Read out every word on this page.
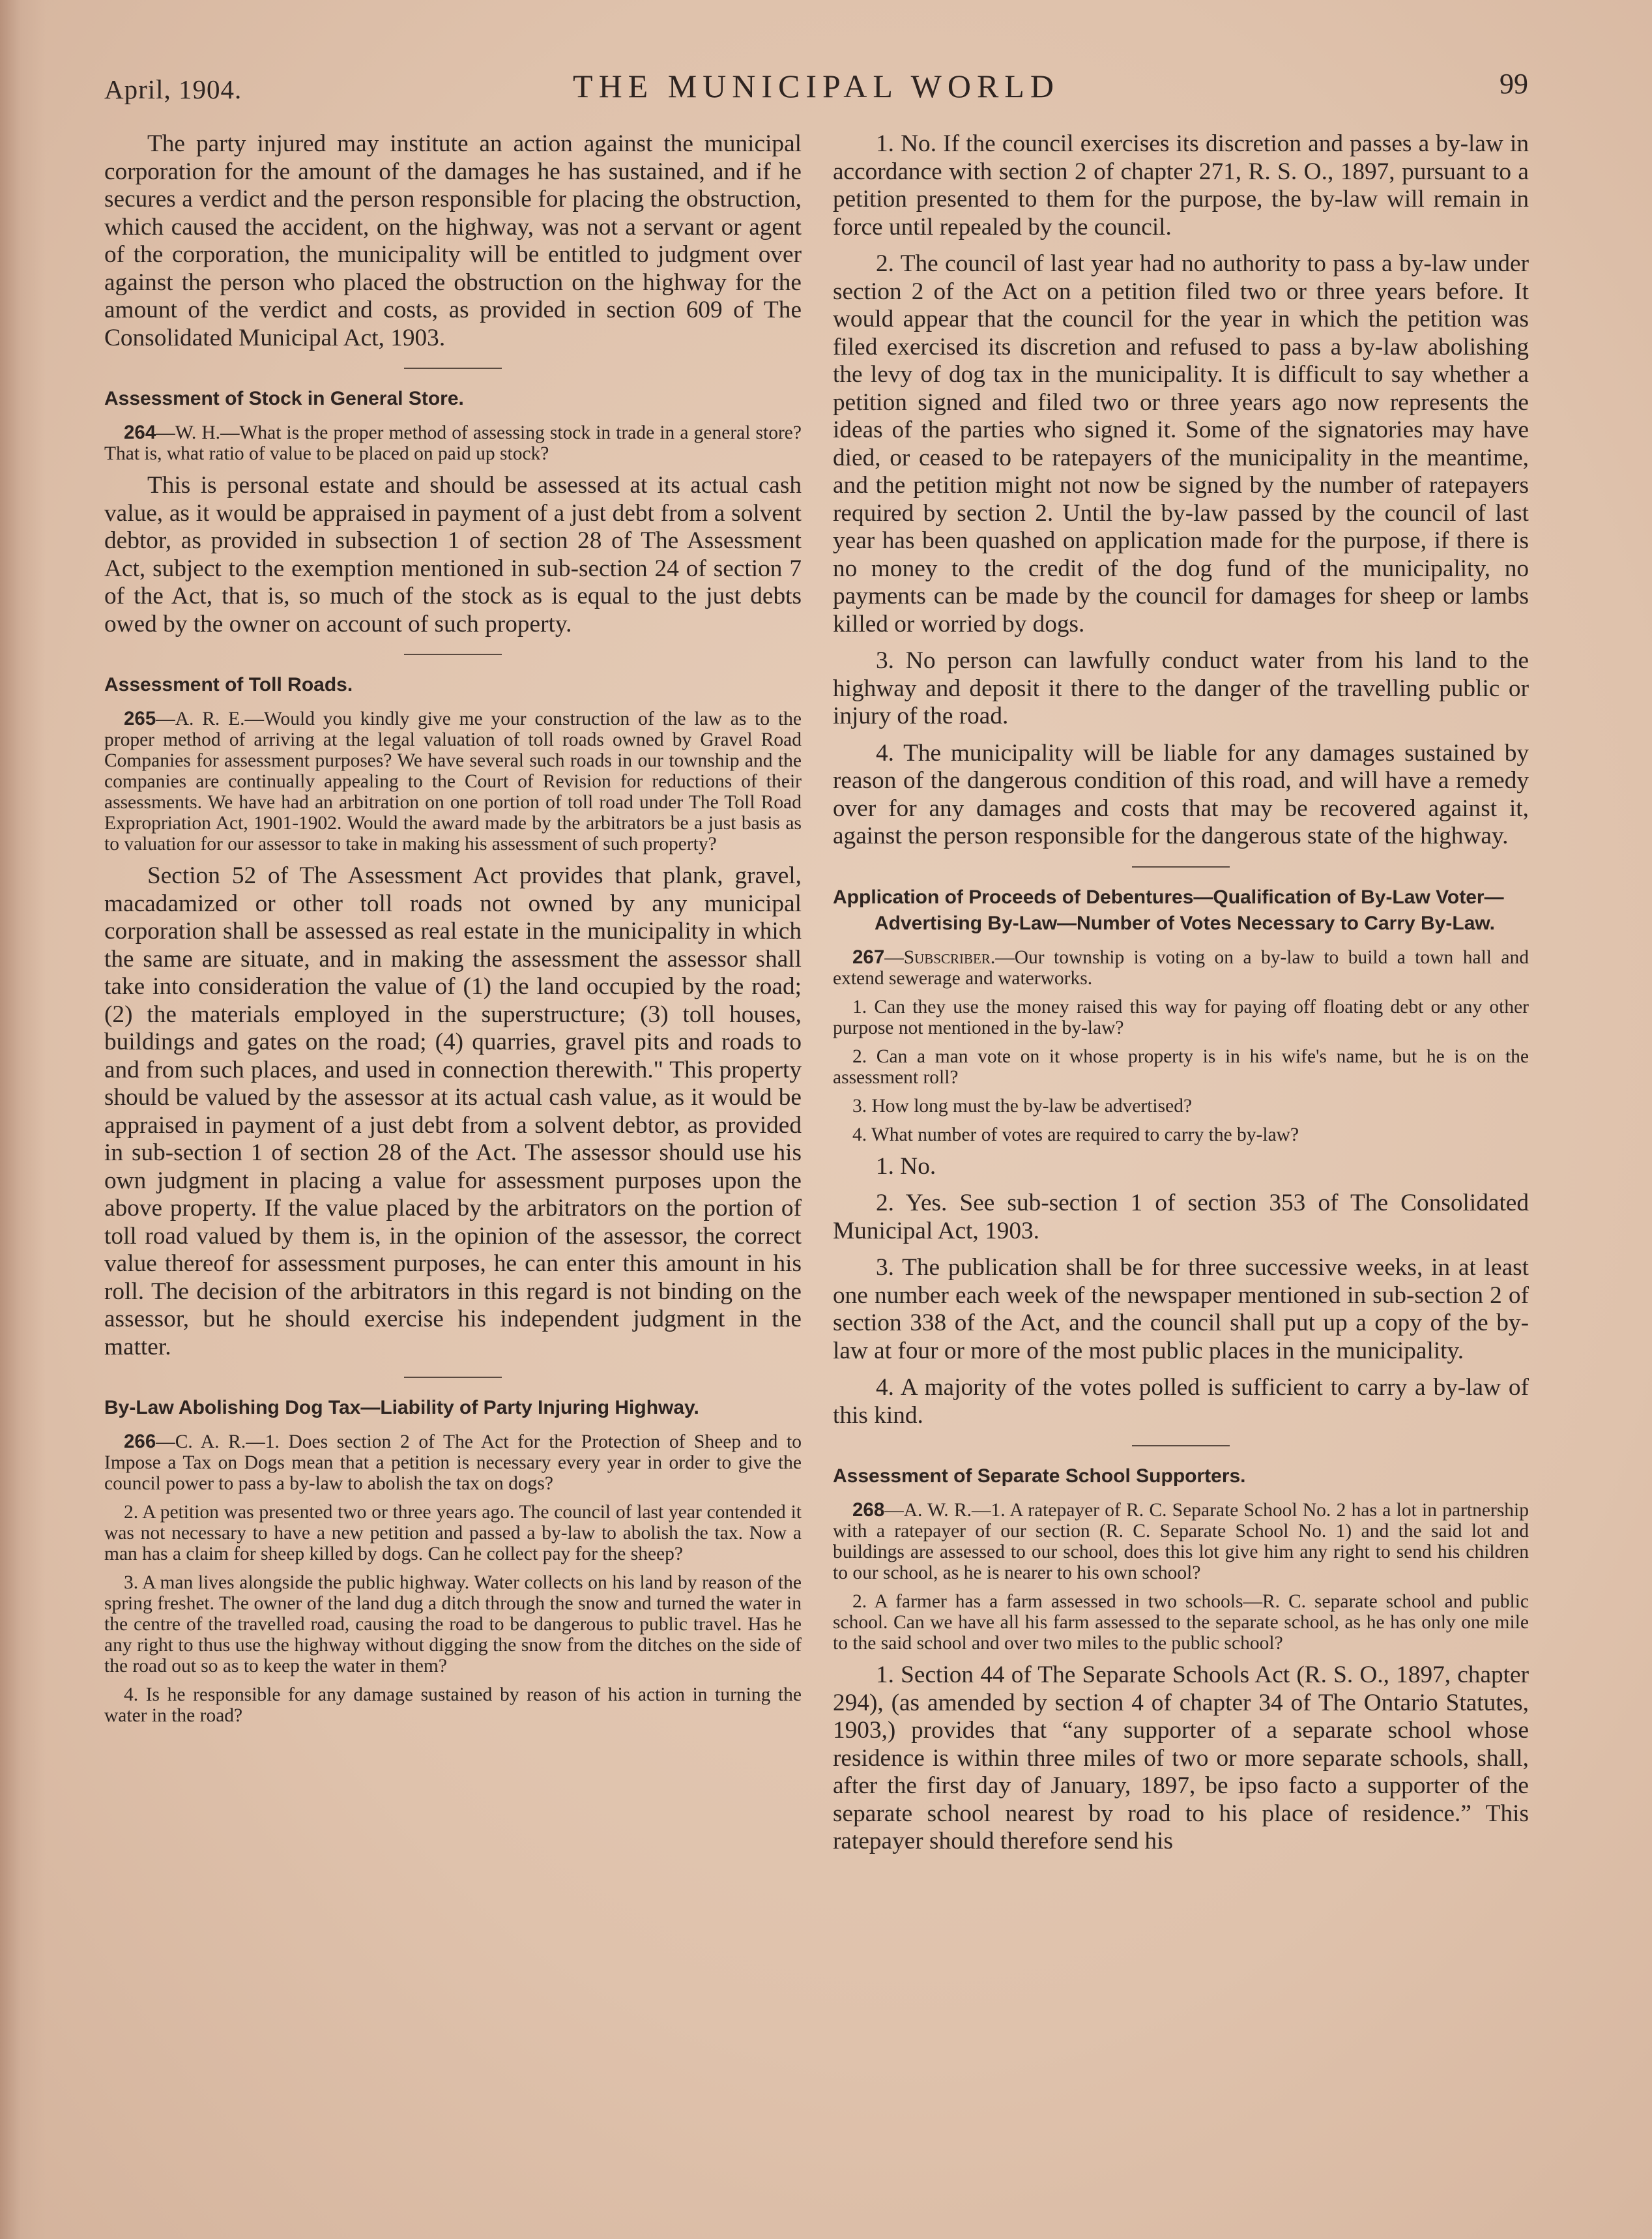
April, 1904.	THE MUNICIPAL WORLD	99

The party injured may institute an action against the municipal corporation for the amount of the damages he has sustained, and if he secures a verdict and the person responsible for placing the obstruction, which caused the accident, on the highway, was not a servant or agent of the corporation, the municipality will be entitled to judgment over against the person who placed the obstruction on the highway for the amount of the verdict and costs, as provided in section 609 of The Consolidated Municipal Act, 1903.

Assessment of Stock in General Store.

264—W. H.—What is the proper method of assessing stock in trade in a general store? That is, what ratio of value to be placed on paid up stock?

This is personal estate and should be assessed at its actual cash value, as it would be appraised in payment of a just debt from a solvent debtor, as provided in subsection 1 of section 28 of The Assessment Act, subject to the exemption mentioned in sub-section 24 of section 7 of the Act, that is, so much of the stock as is equal to the just debts owed by the owner on account of such property.

Assessment of Toll Roads.

265—A. R. E.—Would you kindly give me your construction of the law as to the proper method of arriving at the legal valuation of toll roads owned by Gravel Road Companies for assessment purposes? We have several such roads in our township and the companies are continually appealing to the Court of Revision for reductions of their assessments. We have had an arbitration on one portion of toll road under The Toll Road Expropriation Act, 1901-1902. Would the award made by the arbitrators be a just basis as to valuation for our assessor to take in making his assessment of such property?

Section 52 of The Assessment Act provides that plank, gravel, macadamized or other toll roads not owned by any municipal corporation shall be assessed as real estate in the municipality in which the same are situate, and in making the assessment the assessor shall take into consideration the value of (1) the land occupied by the road; (2) the materials employed in the superstructure; (3) toll houses, buildings and gates on the road; (4) quarries, gravel pits and roads to and from such places, and used in connection therewith." This property should be valued by the assessor at its actual cash value, as it would be appraised in payment of a just debt from a solvent debtor, as provided in sub-section 1 of section 28 of the Act. The assessor should use his own judgment in placing a value for assessment purposes upon the above property. If the value placed by the arbitrators on the portion of toll road valued by them is, in the opinion of the assessor, the correct value thereof for assessment purposes, he can enter this amount in his roll. The decision of the arbitrators in this regard is not binding on the assessor, but he should exercise his independent judgment in the matter.

By-Law Abolishing Dog Tax—Liability of Party Injuring Highway.

266—C. A. R.—1. Does section 2 of The Act for the Protection of Sheep and to Impose a Tax on Dogs mean that a petition is necessary every year in order to give the council power to pass a by-law to abolish the tax on dogs?

2. A petition was presented two or three years ago. The council of last year contended it was not necessary to have a new petition and passed a by-law to abolish the tax. Now a man has a claim for sheep killed by dogs. Can he collect pay for the sheep?

3. A man lives alongside the public highway. Water collects on his land by reason of the spring freshet. The owner of the land dug a ditch through the snow and turned the water in the centre of the travelled road, causing the road to be dangerous to public travel. Has he any right to thus use the highway without digging the snow from the ditches on the side of the road out so as to keep the water in them?

4. Is he responsible for any damage sustained by reason of his action in turning the water in the road?

1. No. If the council exercises its discretion and passes a by-law in accordance with section 2 of chapter 271, R. S. O., 1897, pursuant to a petition presented to them for the purpose, the by-law will remain in force until repealed by the council.

2. The council of last year had no authority to pass a by-law under section 2 of the Act on a petition filed two or three years before. It would appear that the council for the year in which the petition was filed exercised its discretion and refused to pass a by-law abolishing the levy of dog tax in the municipality. It is difficult to say whether a petition signed and filed two or three years ago now represents the ideas of the parties who signed it. Some of the signatories may have died, or ceased to be ratepayers of the municipality in the meantime, and the petition might not now be signed by the number of ratepayers required by section 2. Until the by-law passed by the council of last year has been quashed on application made for the purpose, if there is no money to the credit of the dog fund of the municipality, no payments can be made by the council for damages for sheep or lambs killed or worried by dogs.

3. No person can lawfully conduct water from his land to the highway and deposit it there to the danger of the travelling public or injury of the road.

4. The municipality will be liable for any damages sustained by reason of the dangerous condition of this road, and will have a remedy over for any damages and costs that may be recovered against it, against the person responsible for the dangerous state of the highway.

Application of Proceeds of Debentures—Qualification of By-Law Voter—Advertising By-Law—Number of Votes Necessary to Carry By-Law.

267—Subscriber.—Our township is voting on a by-law to build a town hall and extend sewerage and waterworks.

1. Can they use the money raised this way for paying off floating debt or any other purpose not mentioned in the by-law?

2. Can a man vote on it whose property is in his wife's name, but he is on the assessment roll?

3. How long must the by-law be advertised?

4. What number of votes are required to carry the by-law?

1. No.

2. Yes. See sub-section 1 of section 353 of The Consolidated Municipal Act, 1903.

3. The publication shall be for three successive weeks, in at least one number each week of the newspaper mentioned in sub-section 2 of section 338 of the Act, and the council shall put up a copy of the by-law at four or more of the most public places in the municipality.

4. A majority of the votes polled is sufficient to carry a by-law of this kind.

Assessment of Separate School Supporters.

268—A. W. R.—1. A ratepayer of R. C. Separate School No. 2 has a lot in partnership with a ratepayer of our section (R. C. Separate School No. 1) and the said lot and buildings are assessed to our school, does this lot give him any right to send his children to our school, as he is nearer to his own school?

2. A farmer has a farm assessed in two schools—R. C. separate school and public school. Can we have all his farm assessed to the separate school, as he has only one mile to the said school and over two miles to the public school?

1. Section 44 of The Separate Schools Act (R. S. O., 1897, chapter 294), (as amended by section 4 of chapter 34 of The Ontario Statutes, 1903,) provides that “any supporter of a separate school whose residence is within three miles of two or more separate schools, shall, after the first day of January, 1897, be ipso facto a supporter of the separate school nearest by road to his place of residence.” This ratepayer should therefore send his
